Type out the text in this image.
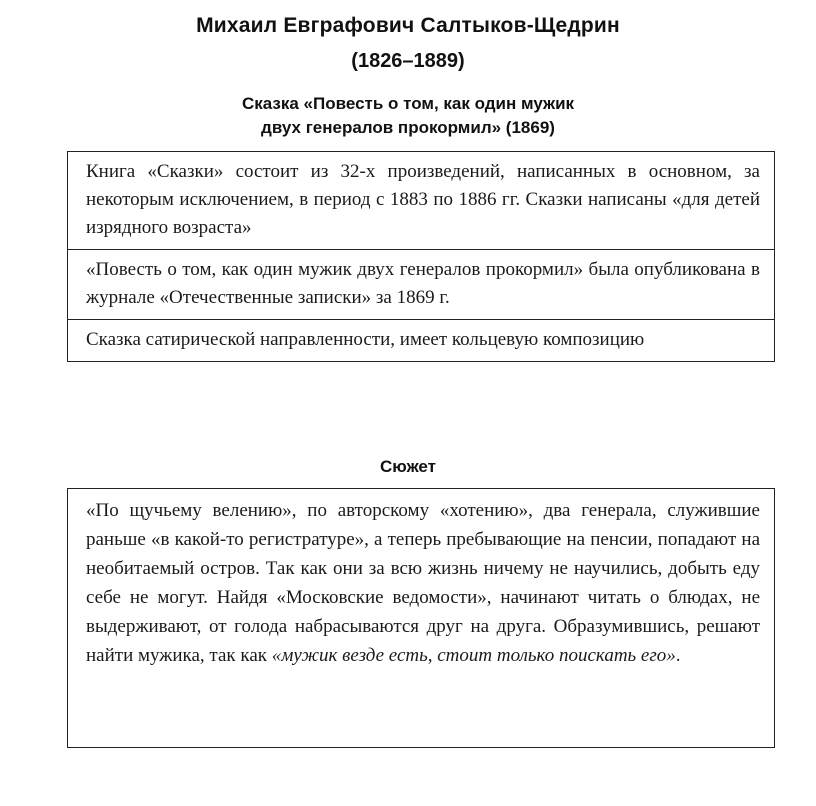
Михаил Евграфович Салтыков-Щедрин
(1826–1889)
Сказка «Повесть о том, как один мужик
двух генералов прокормил» (1869)
Книга «Сказки» состоит из 32-х произведений, написанных в основном, за некоторым исключением, в период с 1883 по 1886 гг. Сказки написаны «для детей изрядного возраста»
«Повесть о том, как один мужик двух генералов прокормил» была опубликована в журнале «Отечественные записки» за 1869 г.
Сказка сатирической направленности, имеет кольцевую композицию
Сюжет

«По щучьему велению», по авторскому «хотению», два генерала, служившие раньше «в какой-то регистратуре», а теперь пребывающие на пенсии, попадают на необитаемый остров. Так как они за всю жизнь ничему не научились, добыть еду себе не могут. Найдя «Московские ведомости», начинают читать о блюдах, не выдерживают, от голода набрасываются друг на друга. Образумившись, решают найти мужика, так как «мужик везде есть, стоит только поискать его».
